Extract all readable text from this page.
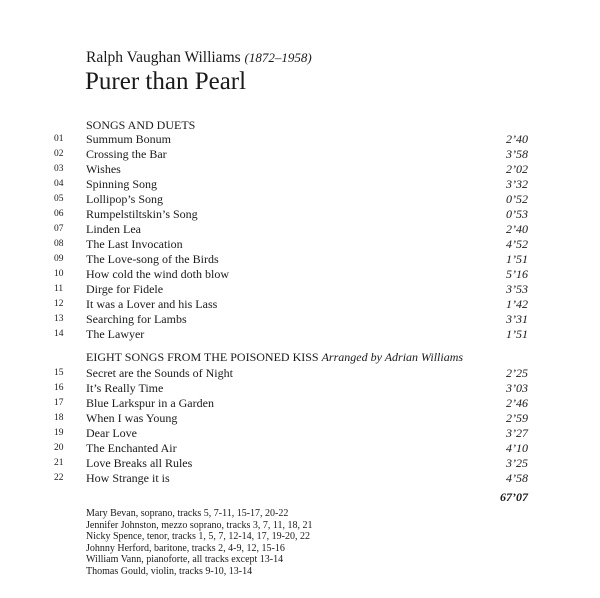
Ralph Vaughan Williams (1872–1958)
Purer than Pearl
SONGS AND DUETS
01 Summum Bonum	2’40
02 Crossing the Bar	3’58
03 Wishes	2’02
04 Spinning Song	3’32
05 Lollipop’s Song	0’52
06 Rumpelstiltskin’s Song	0’53
07 Linden Lea	2’40
08 The Last Invocation	4’52
09 The Love-song of the Birds	1’51
10 How cold the wind doth blow	5’16
11 Dirge for Fidele	3’53
12 It was a Lover and his Lass	1’42
13 Searching for Lambs	3’31
14 The Lawyer	1’51
EIGHT SONGS FROM THE POISONED KISS Arranged by Adrian Williams
15 Secret are the Sounds of Night	2’25
16 It’s Really Time	3’03
17 Blue Larkspur in a Garden	2’46
18 When I was Young	2’59
19 Dear Love	3’27
20 The Enchanted Air	4’10
21 Love Breaks all Rules	3’25
22 How Strange it is	4’58
67’07
Mary Bevan, soprano, tracks 5, 7-11, 15-17, 20-22
Jennifer Johnston, mezzo soprano, tracks 3, 7, 11, 18, 21
Nicky Spence, tenor, tracks 1, 5, 7, 12-14, 17, 19-20, 22
Johnny Herford, baritone, tracks 2, 4-9, 12, 15-16
William Vann, pianoforte, all tracks except 13-14
Thomas Gould, violin, tracks 9-10, 13-14
